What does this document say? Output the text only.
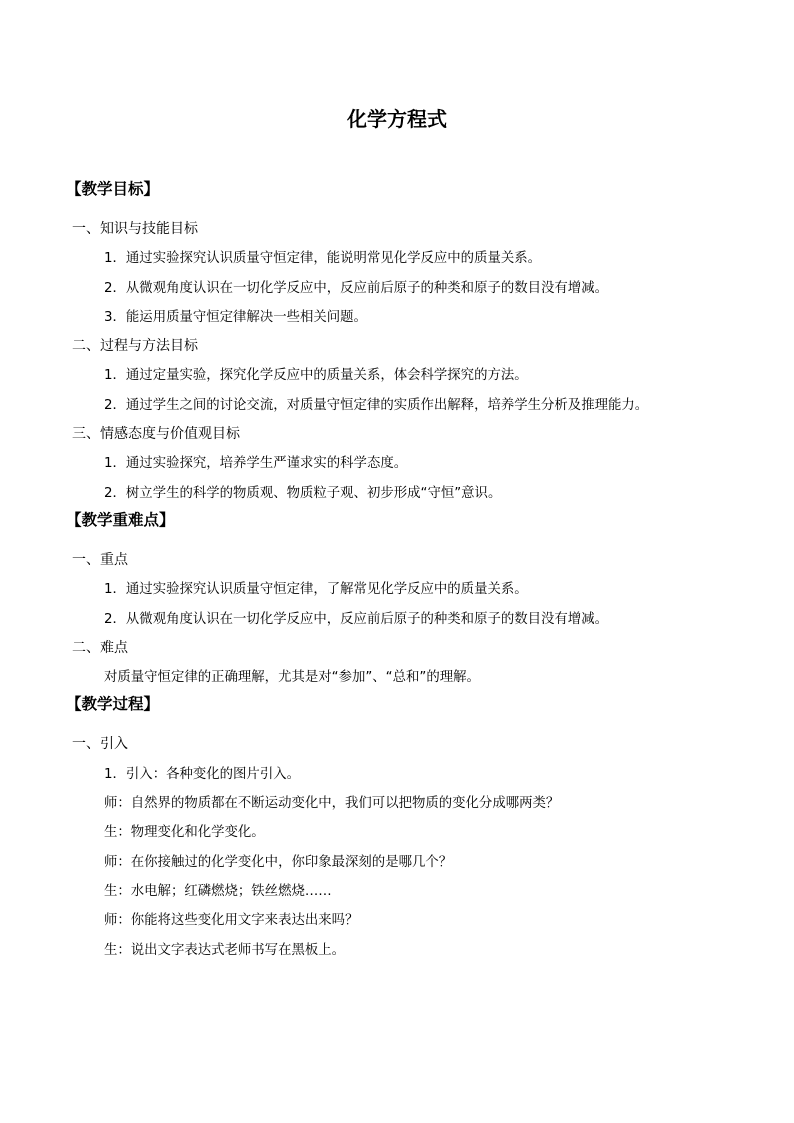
化学方程式
【教学目标】
一、知识与技能目标
1．通过实验探究认识质量守恒定律，能说明常见化学反应中的质量关系。
2．从微观角度认识在一切化学反应中，反应前后原子的种类和原子的数目没有增减。
3．能运用质量守恒定律解决一些相关问题。
二、过程与方法目标
1．通过定量实验，探究化学反应中的质量关系，体会科学探究的方法。
2．通过学生之间的讨论交流，对质量守恒定律的实质作出解释，培养学生分析及推理能力。
三、情感态度与价值观目标
1．通过实验探究，培养学生严谨求实的科学态度。
2．树立学生的科学的物质观、物质粒子观、初步形成“守恒”意识。
【教学重难点】
一、重点
1．通过实验探究认识质量守恒定律，了解常见化学反应中的质量关系。
2．从微观角度认识在一切化学反应中，反应前后原子的种类和原子的数目没有增减。
二、难点
对质量守恒定律的正确理解，尤其是对“参加”、“总和”的理解。
【教学过程】
一、引入
1．引入：各种变化的图片引入。
师：自然界的物质都在不断运动变化中，我们可以把物质的变化分成哪两类？
生：物理变化和化学变化。
师：在你接触过的化学变化中，你印象最深刻的是哪几个？
生：水电解；红磷燃烧；铁丝燃烧……
师：你能将这些变化用文字来表达出来吗？
生：说出文字表达式老师书写在黑板上。
